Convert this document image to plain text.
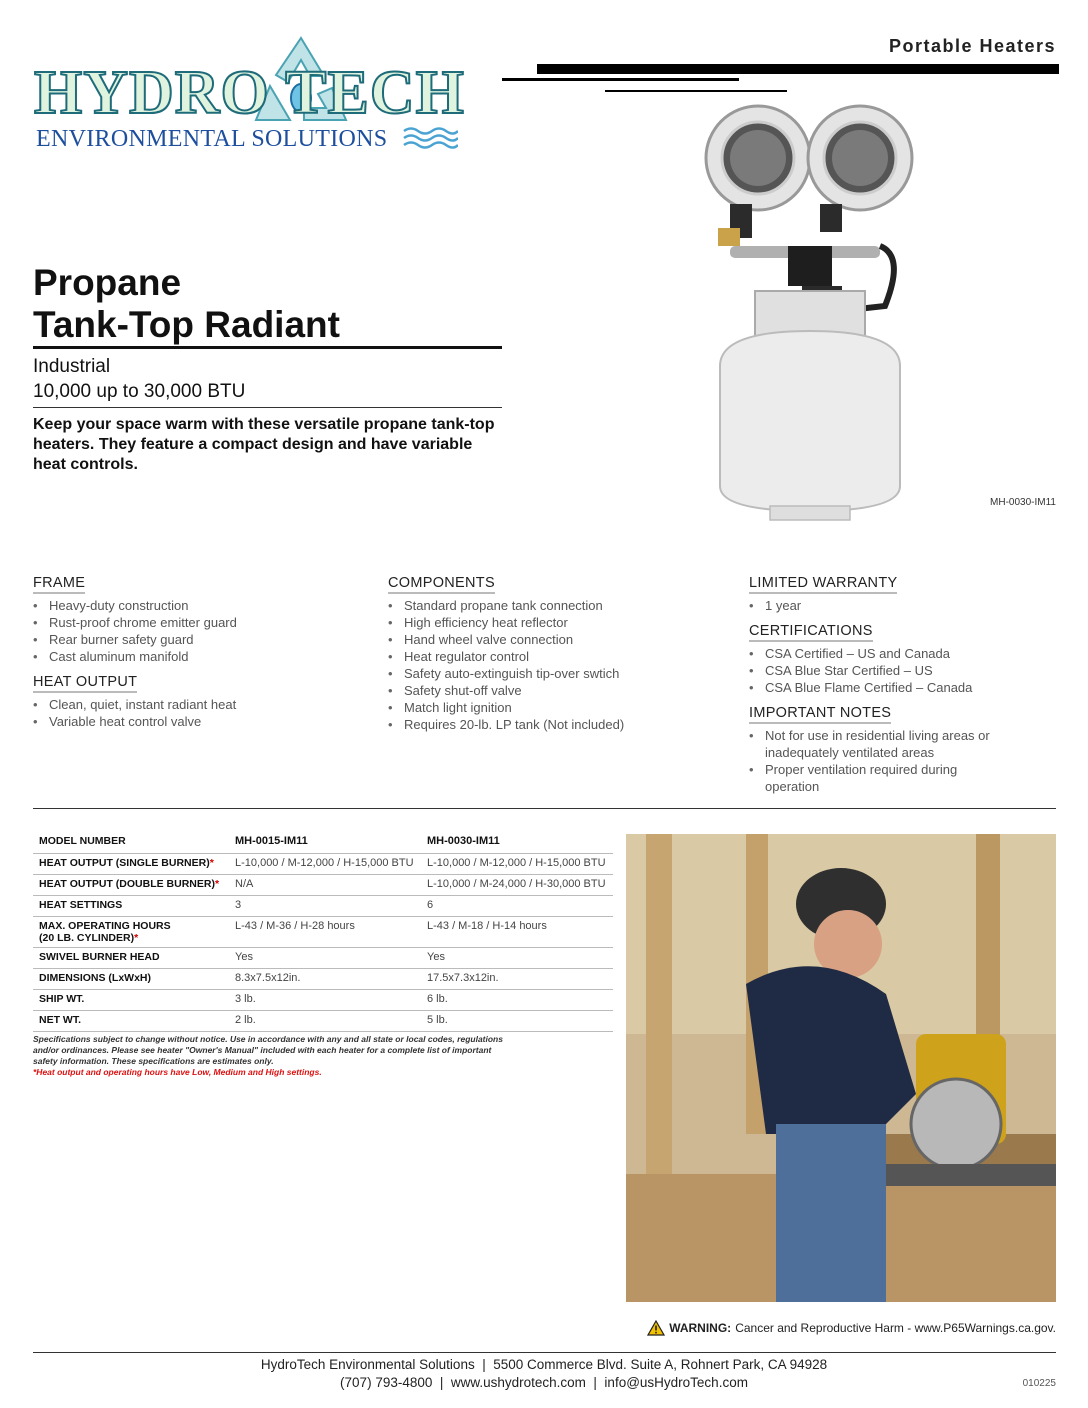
HYDRO TECH
ENVIRONMENTAL SOLUTIONS
Portable Heaters
MH-0030-IM11
Propane
Tank-Top Radiant
Industrial
10,000 up to 30,000 BTU
Keep your space warm with these versatile propane tank-top heaters. They feature a compact design and have variable heat controls.
FRAME
• Heavy-duty construction
• Rust-proof chrome emitter guard
• Rear burner safety guard
• Cast aluminum manifold
HEAT OUTPUT
• Clean, quiet, instant radiant heat
• Variable heat control valve
COMPONENTS
• Standard propane tank connection
• High efficiency heat reflector
• Hand wheel valve connection
• Heat regulator control
• Safety auto-extinguish tip-over swtich
• Safety shut-off valve
• Match light ignition
• Requires 20-lb. LP tank (Not included)
LIMITED WARRANTY
• 1 year
CERTIFICATIONS
• CSA Certified – US and Canada
• CSA Blue Star Certified – US
• CSA Blue Flame Certified – Canada
IMPORTANT NOTES
• Not for use in residential living areas or inadequately ventilated areas
• Proper ventilation required during operation
MODEL NUMBER	MH-0015-IM11	MH-0030-IM11
HEAT OUTPUT (SINGLE BURNER)*	L-10,000 / M-12,000 / H-15,000 BTU	L-10,000 / M-12,000 / H-15,000 BTU
HEAT OUTPUT (DOUBLE BURNER)*	N/A	L-10,000 / M-24,000 / H-30,000 BTU
HEAT SETTINGS	3	6
MAX. OPERATING HOURS
(20 LB. CYLINDER)*	L-43 / M-36 / H-28 hours	L-43 / M-18 / H-14 hours
SWIVEL BURNER HEAD	Yes	Yes
DIMENSIONS (LxWxH)	8.3x7.5x12in.	17.5x7.3x12in.
SHIP WT.	3 lb.	6 lb.
NET WT.	2 lb.	5 lb.
Specifications subject to change without notice. Use in accordance with any and all state or local codes, regulations and/or ordinances. Please see heater "Owner's Manual" included with each heater for a complete list of important safety information. These specifications are estimates only.
*Heat output and operating hours have Low, Medium and High settings.
WARNING: Cancer and Reproductive Harm - www.P65Warnings.ca.gov.
HydroTech Environmental Solutions  |  5500 Commerce Blvd. Suite A, Rohnert Park, CA 94928
(707) 793-4800  |  www.ushydrotech.com  |  info@usHydroTech.com	010225
